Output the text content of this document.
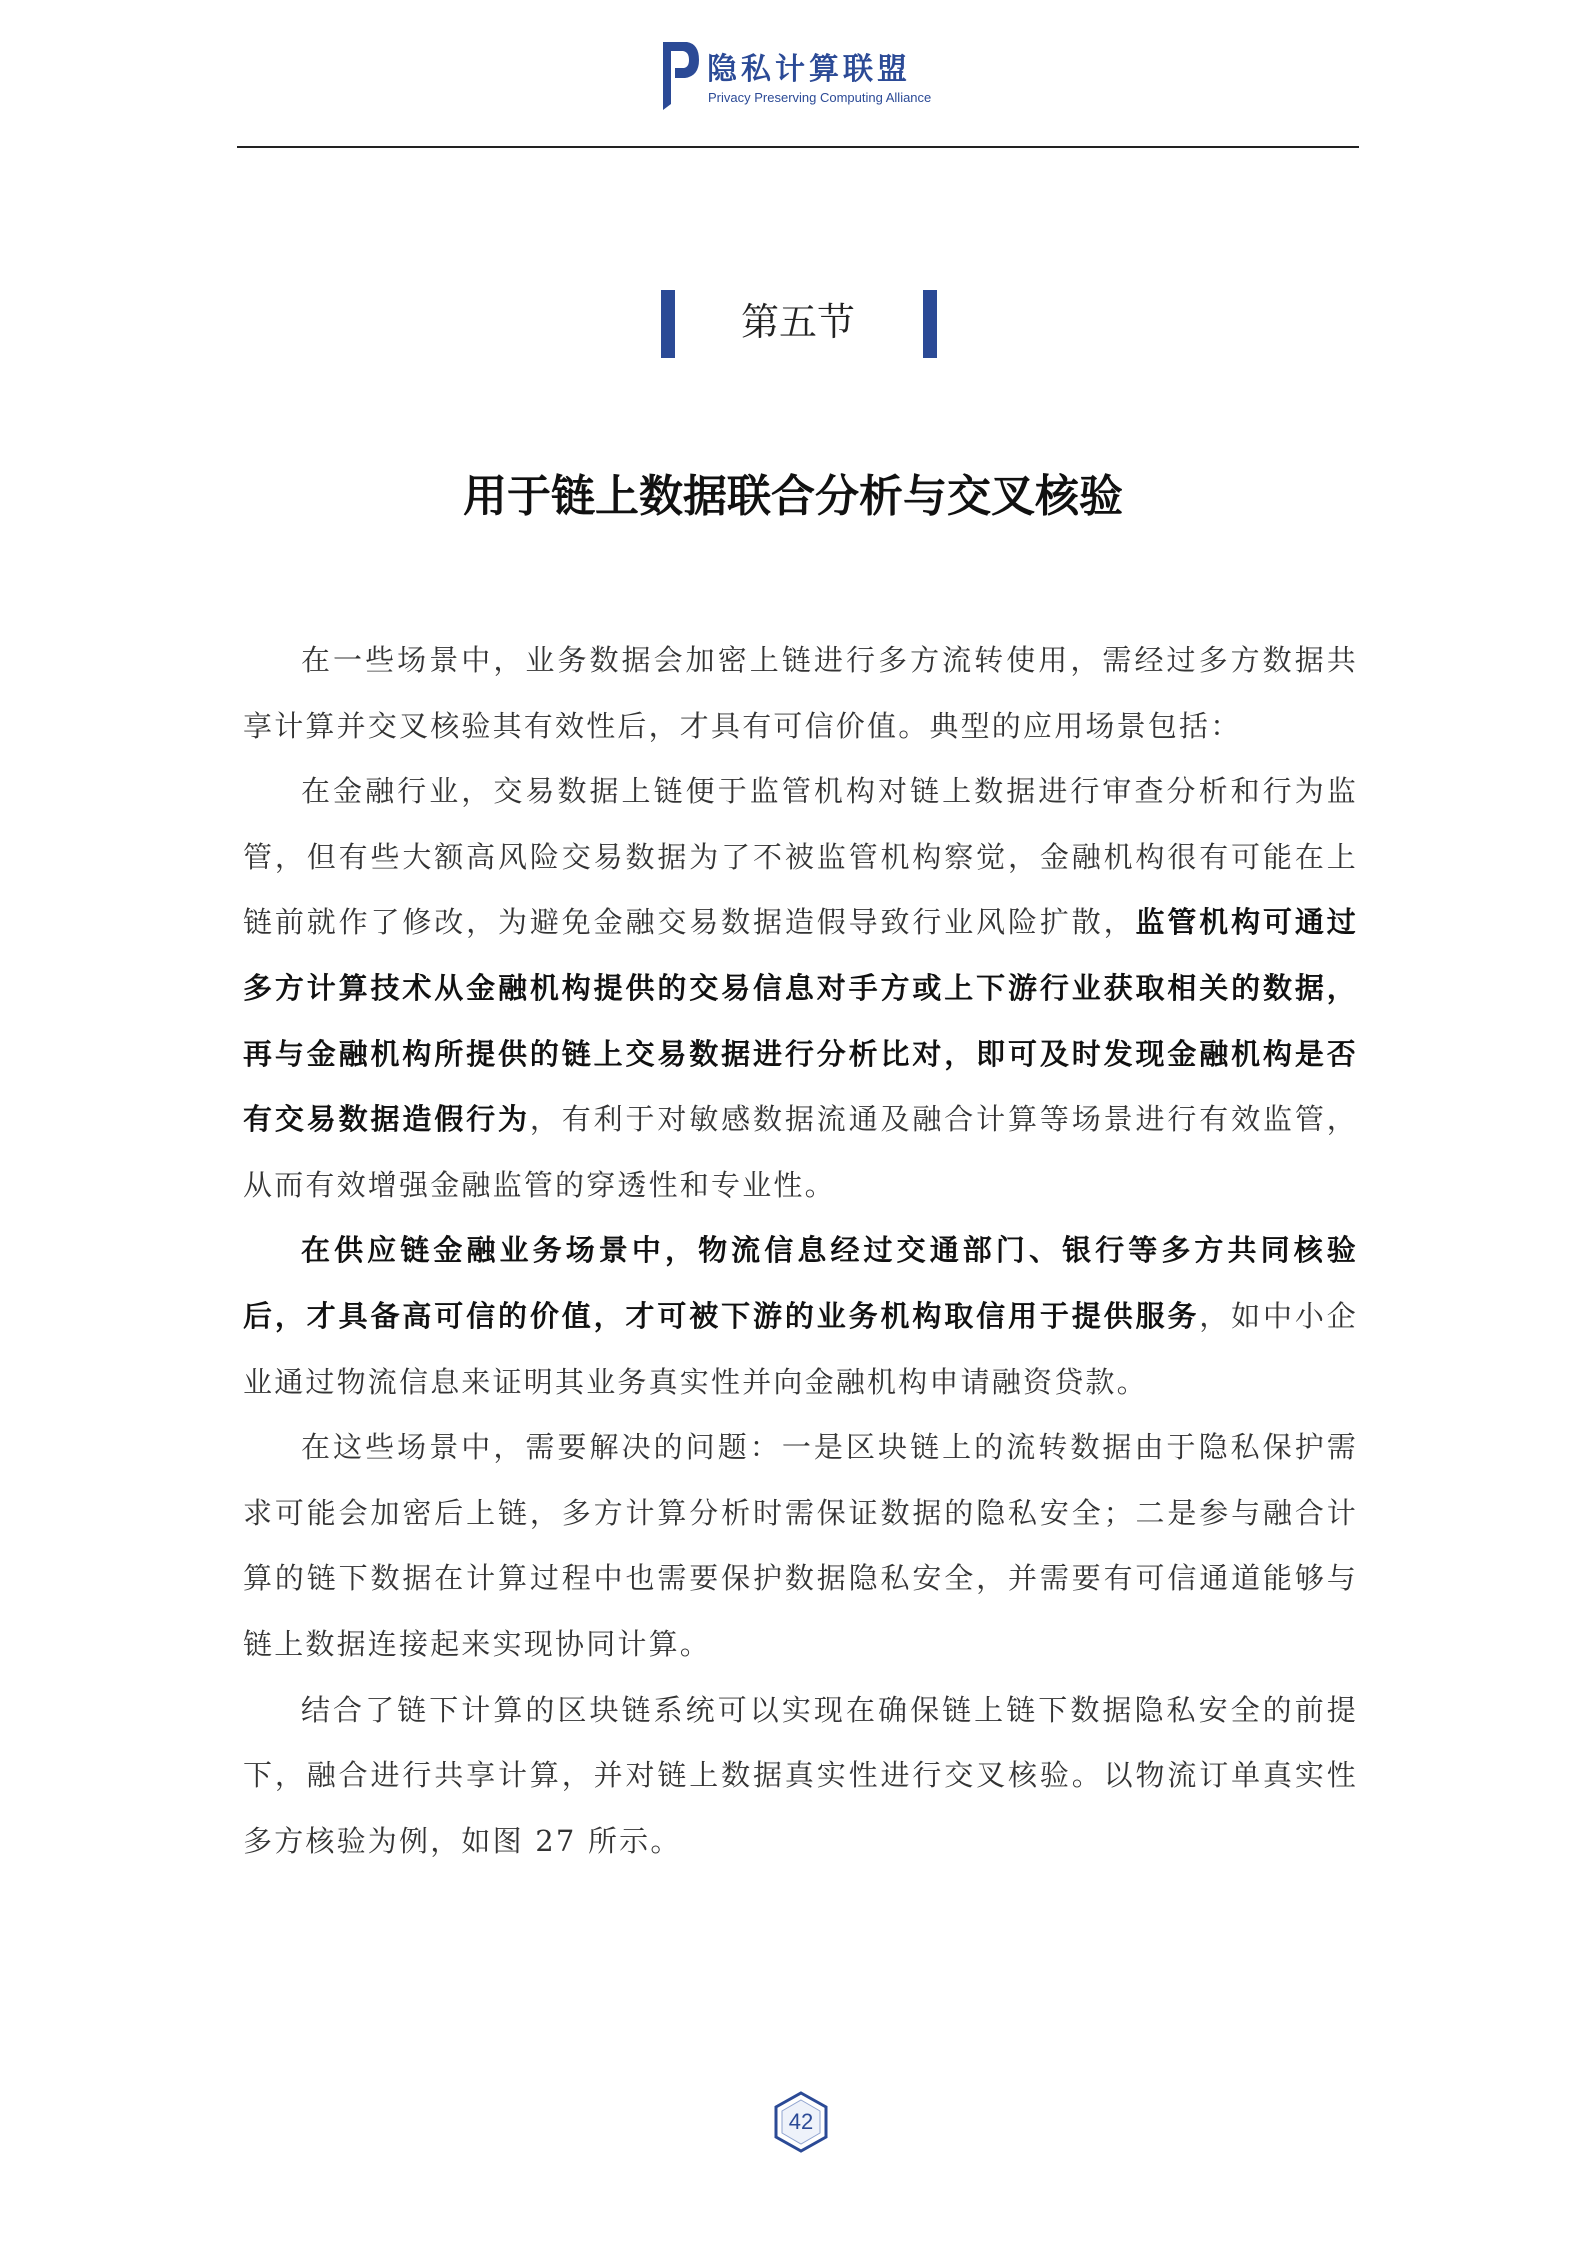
隐私计算联盟
Privacy Preserving Computing Alliance
第五节
用于链上数据联合分析与交叉核验

在一些场景中，业务数据会加密上链进行多方流转使用，需经过多方数据共享计算并交叉核验其有效性后，才具有可信价值。典型的应用场景包括：

在金融行业，交易数据上链便于监管机构对链上数据进行审查分析和行为监管，但有些大额高风险交易数据为了不被监管机构察觉，金融机构很有可能在上链前就作了修改，为避免金融交易数据造假导致行业风险扩散，监管机构可通过多方计算技术从金融机构提供的交易信息对手方或上下游行业获取相关的数据，再与金融机构所提供的链上交易数据进行分析比对，即可及时发现金融机构是否有交易数据造假行为，有利于对敏感数据流通及融合计算等场景进行有效监管，从而有效增强金融监管的穿透性和专业性。

在供应链金融业务场景中，物流信息经过交通部门、银行等多方共同核验后，才具备高可信的价值，才可被下游的业务机构取信用于提供服务，如中小企业通过物流信息来证明其业务真实性并向金融机构申请融资贷款。

在这些场景中，需要解决的问题：一是区块链上的流转数据由于隐私保护需求可能会加密后上链，多方计算分析时需保证数据的隐私安全；二是参与融合计算的链下数据在计算过程中也需要保护数据隐私安全，并需要有可信通道能够与链上数据连接起来实现协同计算。

结合了链下计算的区块链系统可以实现在确保链上链下数据隐私安全的前提下，融合进行共享计算，并对链上数据真实性进行交叉核验。以物流订单真实性多方核验为例，如图 27 所示。

42
